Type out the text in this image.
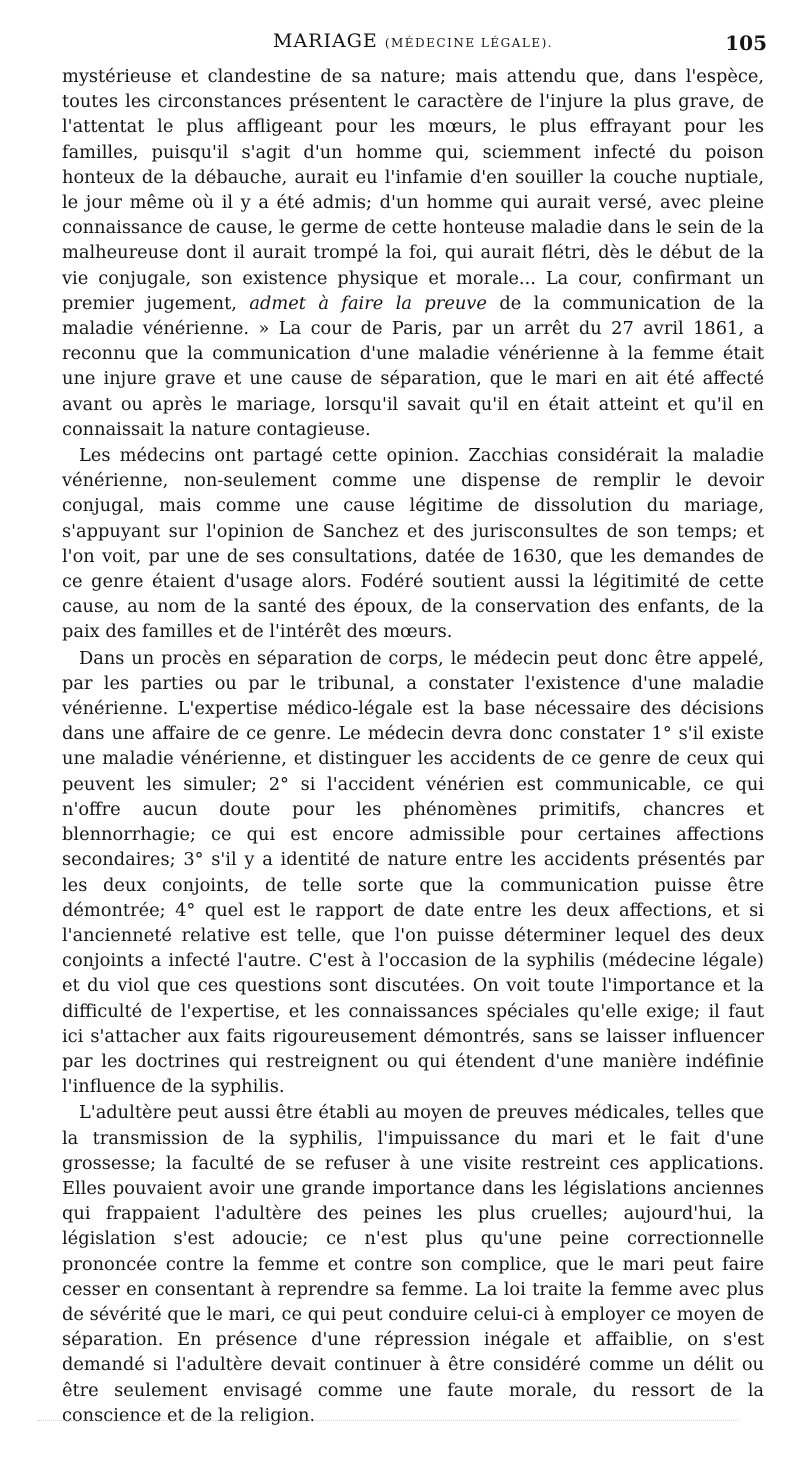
MARIAGE (MÉDECINE LÉGALE).	105

mystérieuse et clandestine de sa nature; mais attendu que, dans l'espèce, toutes les circonstances présentent le caractère de l'injure la plus grave, de l'attentat le plus affligeant pour les mœurs, le plus effrayant pour les familles, puisqu'il s'agit d'un homme qui, sciemment infecté du poison honteux de la débauche, aurait eu l'infamie d'en souiller la couche nuptiale, le jour même où il y a été admis; d'un homme qui aurait versé, avec pleine connaissance de cause, le germe de cette honteuse maladie dans le sein de la malheureuse dont il aurait trompé la foi, qui aurait flétri, dès le début de la vie conjugale, son existence physique et morale... La cour, confirmant un premier jugement, admet à faire la preuve de la communication de la maladie vénérienne. » La cour de Paris, par un arrêt du 27 avril 1861, a reconnu que la communication d'une maladie vénérienne à la femme était une injure grave et une cause de séparation, que le mari en ait été affecté avant ou après le mariage, lorsqu'il savait qu'il en était atteint et qu'il en connaissait la nature contagieuse.

Les médecins ont partagé cette opinion. Zacchias considérait la maladie vénérienne, non-seulement comme une dispense de remplir le devoir conjugal, mais comme une cause légitime de dissolution du mariage, s'appuyant sur l'opinion de Sanchez et des jurisconsultes de son temps; et l'on voit, par une de ses consultations, datée de 1630, que les demandes de ce genre étaient d'usage alors. Fodéré soutient aussi la légitimité de cette cause, au nom de la santé des époux, de la conservation des enfants, de la paix des familles et de l'intérêt des mœurs.

Dans un procès en séparation de corps, le médecin peut donc être appelé, par les parties ou par le tribunal, a constater l'existence d'une maladie vénérienne. L'expertise médico-légale est la base nécessaire des décisions dans une affaire de ce genre. Le médecin devra donc constater 1° s'il existe une maladie vénérienne, et distinguer les accidents de ce genre de ceux qui peuvent les simuler; 2° si l'accident vénérien est communicable, ce qui n'offre aucun doute pour les phénomènes primitifs, chancres et blennorrhagie; ce qui est encore admissible pour certaines affections secondaires; 3° s'il y a identité de nature entre les accidents présentés par les deux conjoints, de telle sorte que la communication puisse être démontrée; 4° quel est le rapport de date entre les deux affections, et si l'ancienneté relative est telle, que l'on puisse déterminer lequel des deux conjoints a infecté l'autre. C'est à l'occasion de la syphilis (médecine légale) et du viol que ces questions sont discutées. On voit toute l'importance et la difficulté de l'expertise, et les connaissances spéciales qu'elle exige; il faut ici s'attacher aux faits rigoureusement démontrés, sans se laisser influencer par les doctrines qui restreignent ou qui étendent d'une manière indéfinie l'influence de la syphilis.

L'adultère peut aussi être établi au moyen de preuves médicales, telles que la transmission de la syphilis, l'impuissance du mari et le fait d'une grossesse; la faculté de se refuser à une visite restreint ces applications. Elles pouvaient avoir une grande importance dans les législations anciennes qui frappaient l'adultère des peines les plus cruelles; aujourd'hui, la législation s'est adoucie; ce n'est plus qu'une peine correctionnelle prononcée contre la femme et contre son complice, que le mari peut faire cesser en consentant à reprendre sa femme. La loi traite la femme avec plus de sévérité que le mari, ce qui peut conduire celui-ci à employer ce moyen de séparation. En présence d'une répression inégale et affaiblie, on s'est demandé si l'adultère devait continuer à être considéré comme un délit ou être seulement envisagé comme une faute morale, du ressort de la conscience et de la religion.
